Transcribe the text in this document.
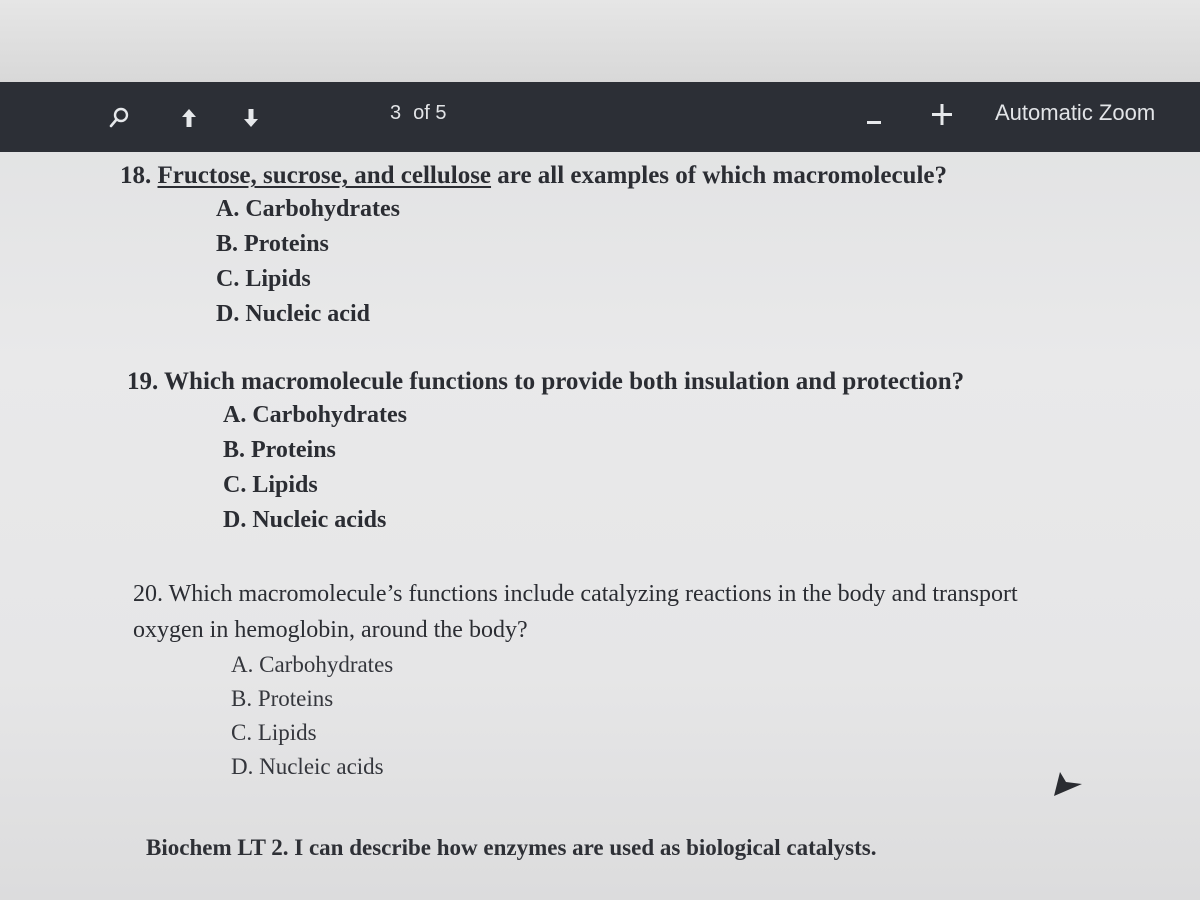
3 of 5	Automatic Zoom
18. Fructose, sucrose, and cellulose are all examples of which macromolecule?
A. Carbohydrates
B. Proteins
C. Lipids
D. Nucleic acid
19. Which macromolecule functions to provide both insulation and protection?
A. Carbohydrates
B. Proteins
C. Lipids
D. Nucleic acids
20. Which macromolecule’s functions include catalyzing reactions in the body and transport
oxygen in hemoglobin, around the body?
A. Carbohydrates
B. Proteins
C. Lipids
D. Nucleic acids
Biochem LT 2. I can describe how enzymes are used as biological catalysts.
